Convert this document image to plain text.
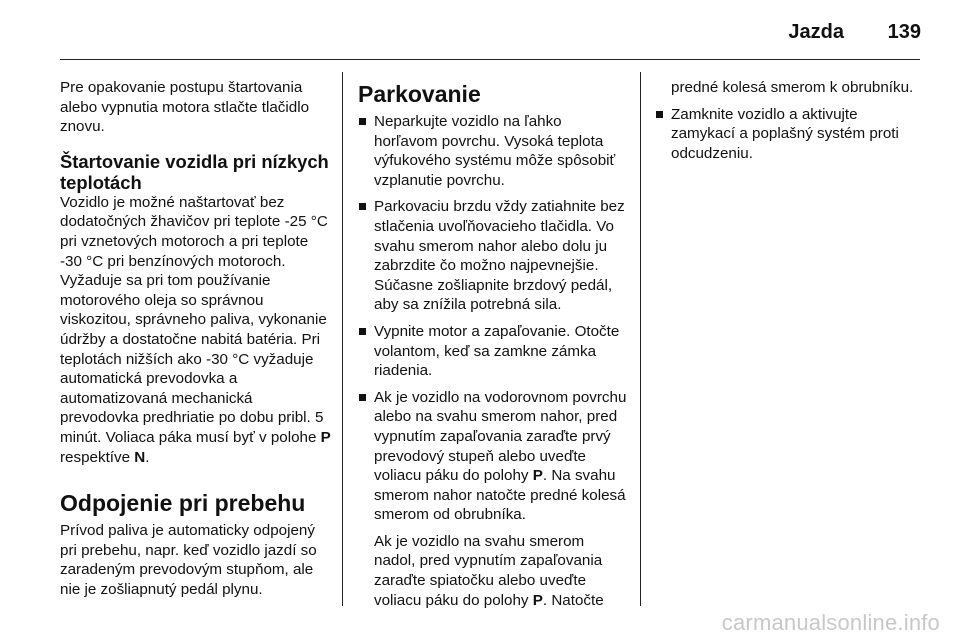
Jazda 139

Pre opakovanie postupu štartovania alebo vypnutia motora stlačte tlačidlo znovu.

Štartovanie vozidla pri nízkych teplotách

Vozidlo je možné naštartovať bez dodatočných žhavičov pri teplote -25 °C pri vznetových motoroch a pri teplote -30 °C pri benzínových motoroch. Vyžaduje sa pri tom používanie motorového oleja so správnou viskozitou, správneho paliva, vykonanie údržby a dostatočne nabitá batéria. Pri teplotách nižších ako -30 °C vyžaduje automatická prevodovka a automatizovaná mechanická prevodovka predhriatie po dobu pribl. 5 minút. Voliaca páka musí byť v polohe P respektíve N.

Odpojenie pri prebehu

Prívod paliva je automaticky odpojený pri prebehu, napr. keď vozidlo jazdí so zaradeným prevodovým stupňom, ale nie je zošliapnutý pedál plynu.

Parkovanie

Neparkujte vozidlo na ľahko horľavom povrchu. Vysoká teplota výfukového systému môže spôsobiť vzplanutie povrchu.
Parkovaciu brzdu vždy zatiahnite bez stlačenia uvoľňovacieho tlačidla. Vo svahu smerom nahor alebo dolu ju zabrzdite čo možno najpevnejšie. Súčasne zošliapnite brzdový pedál, aby sa znížila potrebná sila.
Vypnite motor a zapaľovanie. Otočte volantom, keď sa zamkne zámka riadenia.
Ak je vozidlo na vodorovnom povrchu alebo na svahu smerom nahor, pred vypnutím zapaľovania zaraďte prvý prevodový stupeň alebo uveďte voliacu páku do polohy P. Na svahu smerom nahor natočte predné kolesá smerom od obrubníka.

Ak je vozidlo na svahu smerom nadol, pred vypnutím zapaľovania zaraďte spiatočku alebo uveďte voliacu páku do polohy P. Natočte

predné kolesá smerom k obrubníku.

Zamknite vozidlo a aktivujte zamykací a poplašný systém proti odcudzeniu.
carmanualsonline.info
